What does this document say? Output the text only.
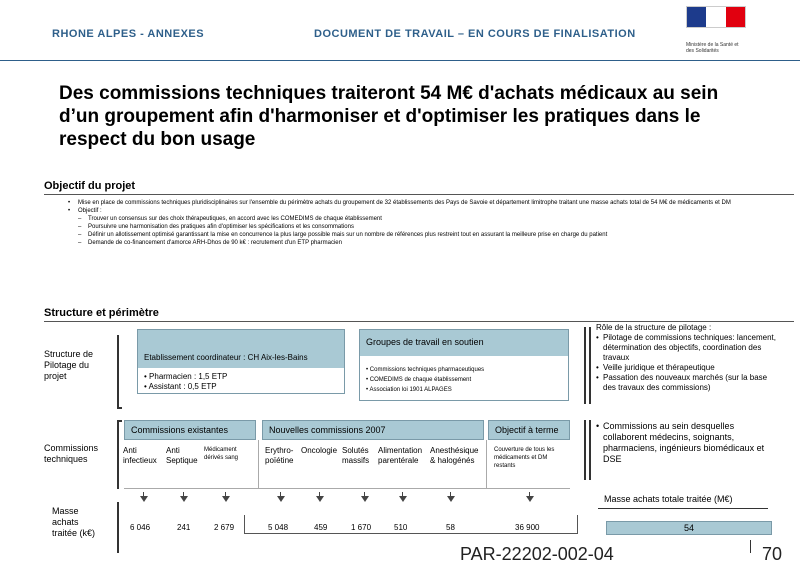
RHONE ALPES - ANNEXES	DOCUMENT DE TRAVAIL – EN COURS DE FINALISATION
Ministère de la Santé et des Solidarités
Des commissions techniques traiteront 54 M€ d'achats médicaux au sein d’un groupement afin d'harmoniser et d'optimiser les pratiques dans le respect du bon usage
Objectif du projet
•	Mise en place de commissions techniques pluridisciplinaires sur l'ensemble du périmètre achats du groupement de 32 établissements des Pays de Savoie et département limitrophe traitant une masse achats total de 54 M€ de médicaments et DM
•	Objectif :
–	Trouver un consensus sur des choix thérapeutiques, en accord avec les COMEDIMS de chaque établissement
–	Poursuivre une harmonisation des pratiques afin d'optimiser les spécifications et les consommations
–	Définir un allotissement optimisé garantissant la mise en concurrence la plus large possible mais sur un nombre de références plus restreint tout en assurant la meilleure prise en charge du patient
–	Demande de co-financement d'amorce ARH-Dhos de 90 k€ : recrutement d'un ETP pharmacien
Structure et périmètre
Structure de Pilotage du projet
Etablissement coordinateur : CH Aix-les-Bains
• Pharmacien : 1,5 ETP
• Assistant : 0,5 ETP
Groupes de travail en soutien
• Commissions techniques pharmaceutiques
• COMEDIMS de chaque établissement
• Association loi 1901 ALPAGES
Rôle de la structure de pilotage :
• Pilotage de commissions techniques: lancement, détermination des objectifs, coordination des travaux
• Veille juridique et thérapeutique
• Passation des nouveaux marchés (sur la base des travaux des commissions)
Commissions techniques
Commissions existantes	Nouvelles commissions 2007	Objectif à terme
Anti infectieux
Anti Septique
Médicament dérivés sang
Erythro-poïétine
Oncologie Solutés massifs
Alimentation parentérale
Anesthésique & halogénés
Couverture de tous les médicaments et DM restants
• Commissions au sein desquelles collaborent médecins, soignants, pharmaciens, ingénieurs biomédicaux et DSE
Masse achats traitée (k€)
6 046	241	2 679	5 048	459	1 670	510	58	36 900
Masse achats totale traitée (M€)
54
PAR-22202-002-04	70
